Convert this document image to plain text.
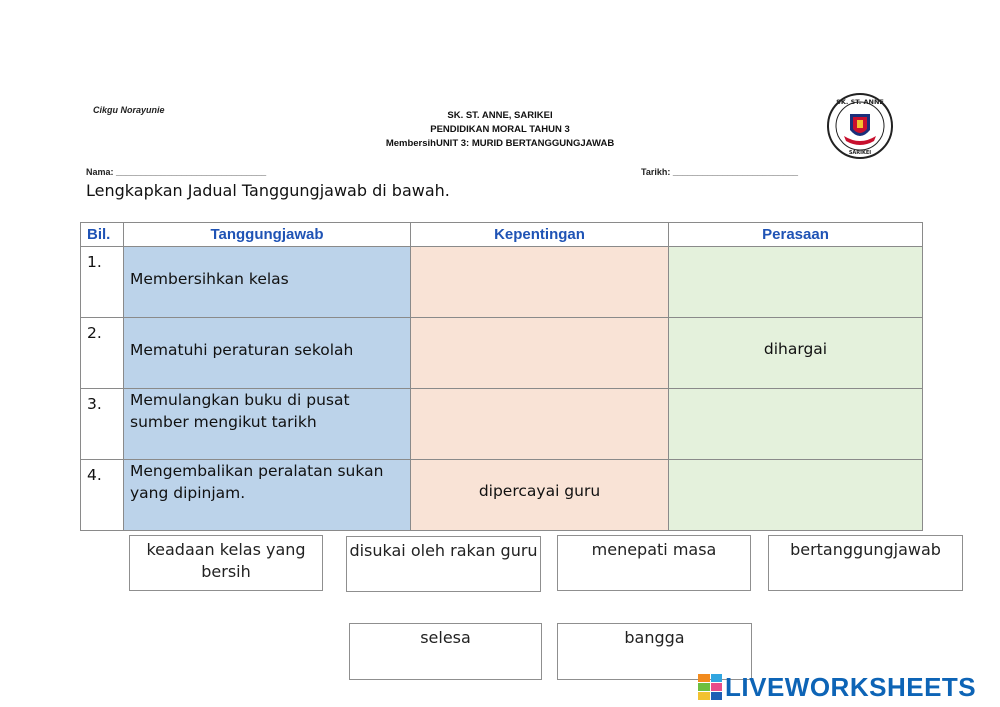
Cikgu Norayunie	SK. ST. ANNE, SARIKEI
PENDIDIKAN MORAL TAHUN 3
MembersihUNIT 3: MURID BERTANGGUNGJAWAB
SK. ST. ANNE
SARIKEI
Nama: ______________________________	Tarikh: _________________________
Lengkapkan Jadual Tanggungjawab di bawah.
Bil.	Tanggungjawab	Kepentingan	Perasaan
1.	Membersihkan kelas		

2.	Mematuhi peraturan sekolah		dihargai

3.	Memulangkan buku di pusat sumber mengikut tarikh		

4.	Mengembalikan peralatan sukan yang dipinjam.	dipercayai guru	

keadaan kelas yang bersih
disukai oleh rakan guru	menepati masa	bertanggungjawab
selesa	bangga
LIVEWORKSHEETS
